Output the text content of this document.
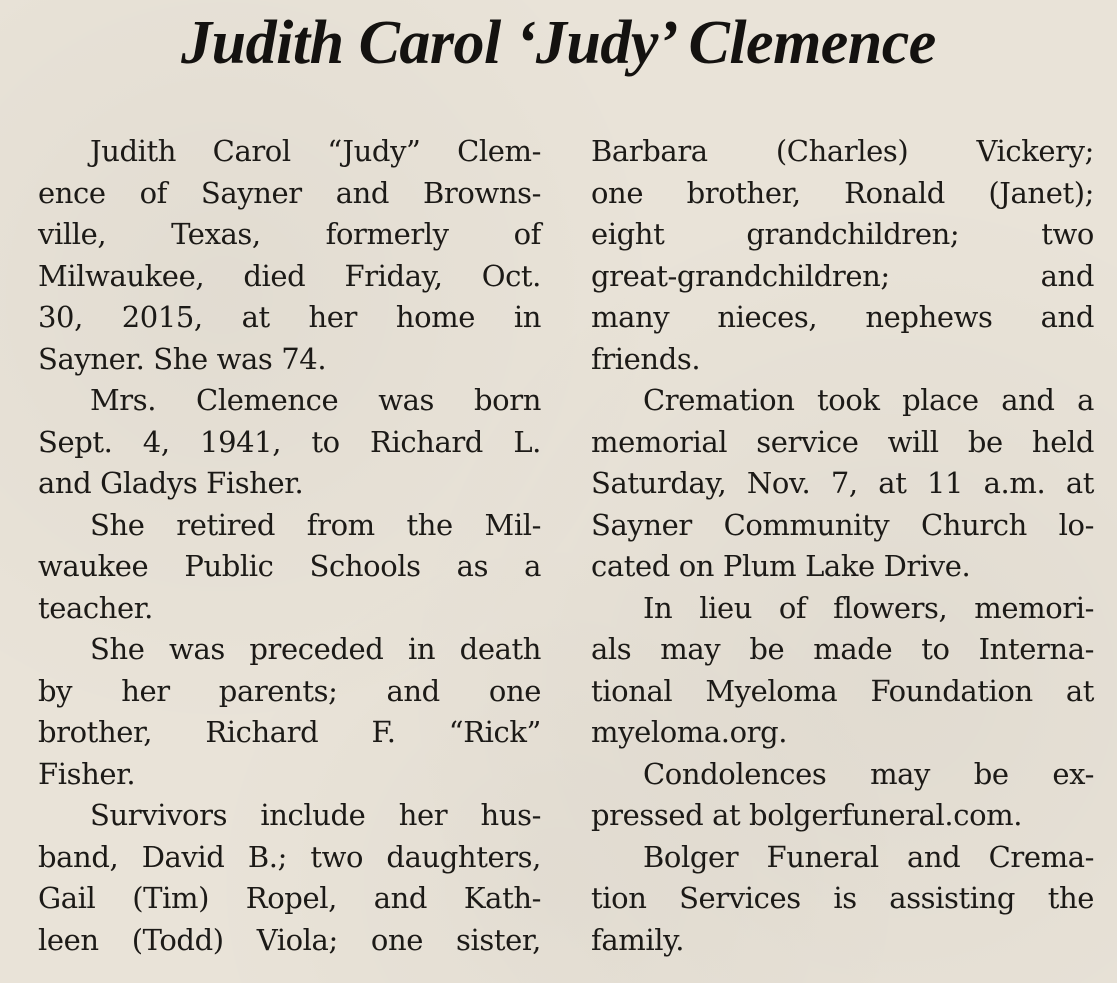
Judith Carol ‘Judy’ Clemence

Judith Carol “Judy” Clem-
ence of Sayner and Browns-
ville, Texas, formerly of
Milwaukee, died Friday, Oct.
30, 2015, at her home in
Sayner. She was 74.

Mrs. Clemence was born
Sept. 4, 1941, to Richard L.
and Gladys Fisher.

She retired from the Mil-
waukee Public Schools as a
teacher.

She was preceded in death
by her parents; and one
brother, Richard F. “Rick”
Fisher.

Survivors include her hus-
band, David B.; two daughters,
Gail (Tim) Ropel, and Kath-
leen (Todd) Viola; one sister,

Barbara (Charles) Vickery;
one brother, Ronald (Janet);
eight grandchildren; two
great-grandchildren; and
many nieces, nephews and
friends.

Cremation took place and a
memorial service will be held
Saturday, Nov. 7, at 11 a.m. at
Sayner Community Church lo-
cated on Plum Lake Drive.

In lieu of flowers, memori-
als may be made to Interna-
tional Myeloma Foundation at
myeloma.org.

Condolences may be ex-
pressed at bolgerfuneral.com.

Bolger Funeral and Crema-
tion Services is assisting the
family.
